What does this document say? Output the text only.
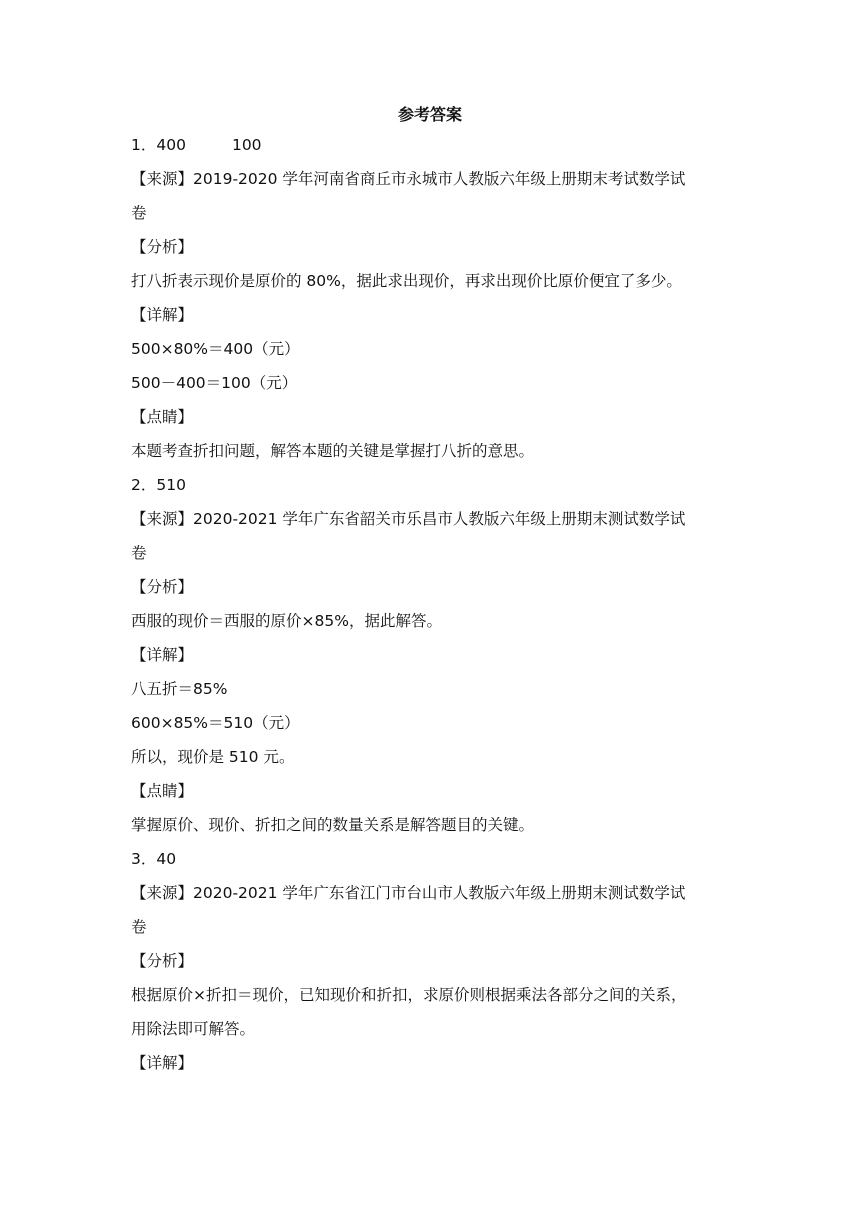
参考答案
1．400	100
【来源】2019-2020 学年河南省商丘市永城市人教版六年级上册期末考试数学试
卷
【分析】
打八折表示现价是原价的 80%，据此求出现价，再求出现价比原价便宜了多少。
【详解】
500×80%＝400（元）
500－400＝100（元）
【点睛】
本题考查折扣问题，解答本题的关键是掌握打八折的意思。
2．510
【来源】2020-2021 学年广东省韶关市乐昌市人教版六年级上册期末测试数学试
卷
【分析】
西服的现价＝西服的原价×85%，据此解答。
【详解】
八五折＝85%
600×85%＝510（元）
所以，现价是 510 元。
【点睛】
掌握原价、现价、折扣之间的数量关系是解答题目的关键。
3．40
【来源】2020-2021 学年广东省江门市台山市人教版六年级上册期末测试数学试
卷
【分析】
根据原价×折扣＝现价，已知现价和折扣，求原价则根据乘法各部分之间的关系，
用除法即可解答。
【详解】
